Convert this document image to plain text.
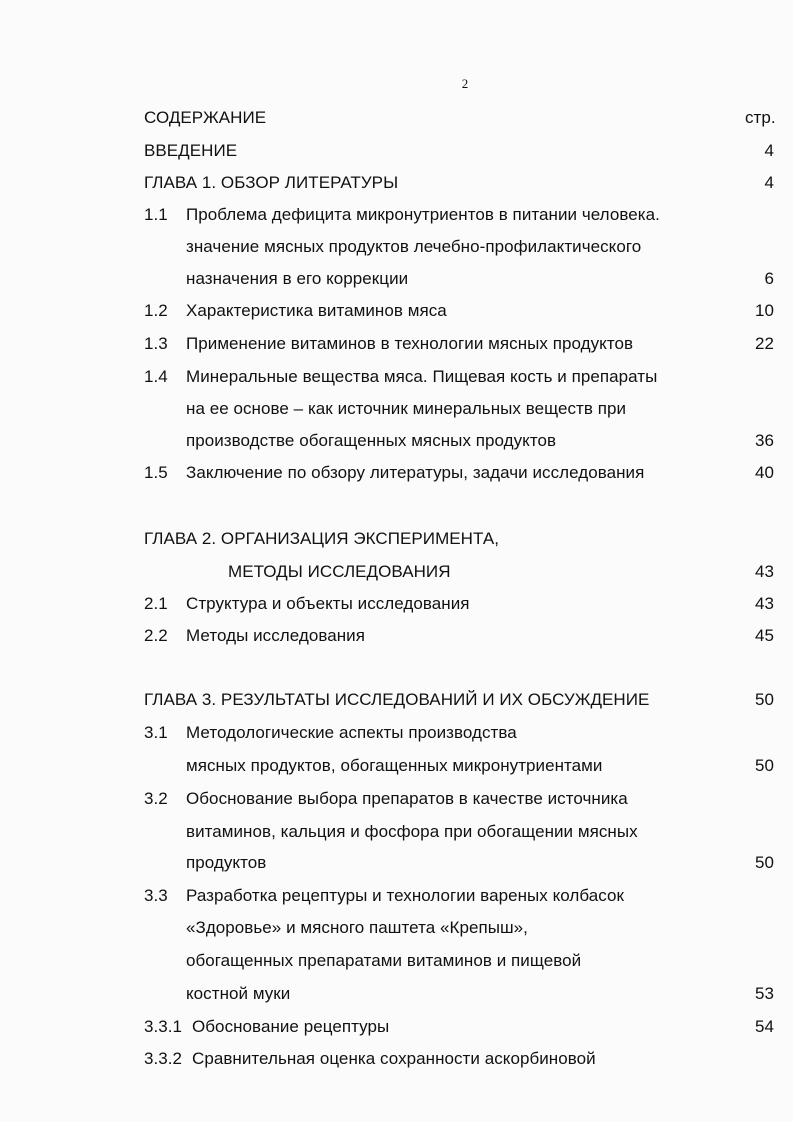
2
СОДЕРЖАНИЕ	стр.
ВВЕДЕНИЕ	4
ГЛАВА 1. ОБЗОР ЛИТЕРАТУРЫ	4
1.1 Проблема дефицита микронутриентов в питании человека.
значение мясных продуктов лечебно-профилактического
назначения в его коррекции	6
1.2 Характеристика витаминов мяса	10
1.3 Применение витаминов в технологии мясных продуктов	22
1.4 Минеральные вещества мяса. Пищевая кость и препараты
на ее основе – как источник минеральных веществ при
производстве обогащенных мясных продуктов	36
1.5 Заключение по обзору литературы, задачи исследования	40
ГЛАВА 2. ОРГАНИЗАЦИЯ ЭКСПЕРИМЕНТА,
МЕТОДЫ ИССЛЕДОВАНИЯ	43
2.1 Структура и объекты исследования	43
2.2 Методы исследования	45
ГЛАВА 3. РЕЗУЛЬТАТЫ ИССЛЕДОВАНИЙ И ИХ ОБСУЖДЕНИЕ	50
3.1 Методологические аспекты производства
мясных продуктов, обогащенных микронутриентами	50
3.2 Обоснование выбора препаратов в качестве источника
витаминов, кальция и фосфора при обогащении мясных
продуктов	50
3.3 Разработка рецептуры и технологии вареных колбасок
«Здоровье» и мясного паштета «Крепыш»,
обогащенных препаратами витаминов и пищевой
костной муки	53
3.3.1 Обоснование рецептуры	54
3.3.2 Сравнительная оценка сохранности аскорбиновой
